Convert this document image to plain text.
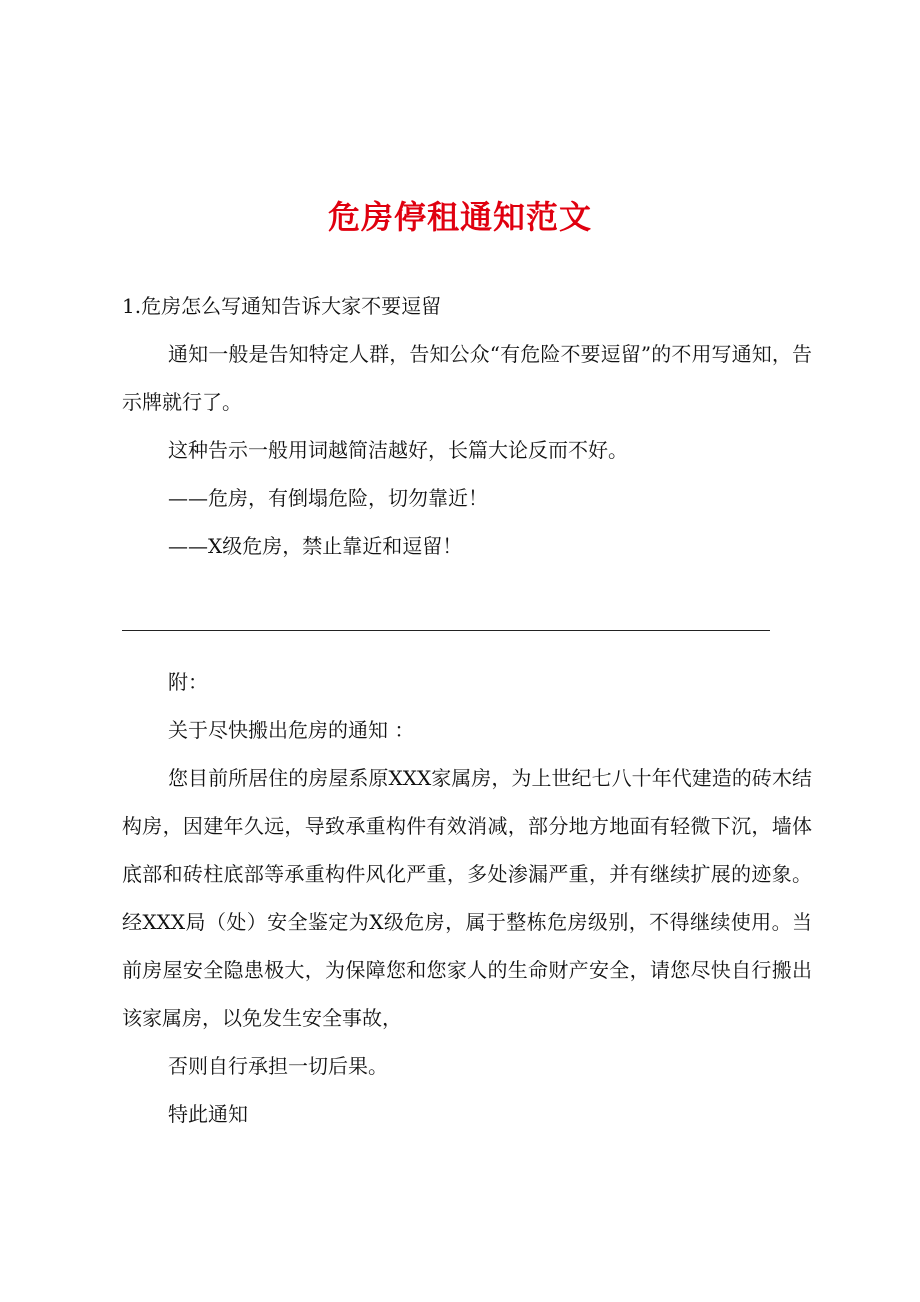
危房停租通知范文

1.危房怎么写通知告诉大家不要逗留

通知一般是告知特定人群，告知公众“有危险不要逗留”的不用写通知，告示牌就行了。

这种告示一般用词越简洁越好，长篇大论反而不好。

——危房，有倒塌危险，切勿靠近！

——X级危房，禁止靠近和逗留！

附：

关于尽快搬出危房的通知 ：

您目前所居住的房屋系原XXX家属房，为上世纪七八十年代建造的砖木结构房，因建年久远，导致承重构件有效消减，部分地方地面有轻微下沉，墙体底部和砖柱底部等承重构件风化严重，多处渗漏严重，并有继续扩展的迹象。经XXX局（处）安全鉴定为X级危房，属于整栋危房级别，不得继续使用。当前房屋安全隐患极大，为保障您和您家人的生命财产安全，请您尽快自行搬出该家属房，以免发生安全事故，

否则自行承担一切后果。

特此通知
